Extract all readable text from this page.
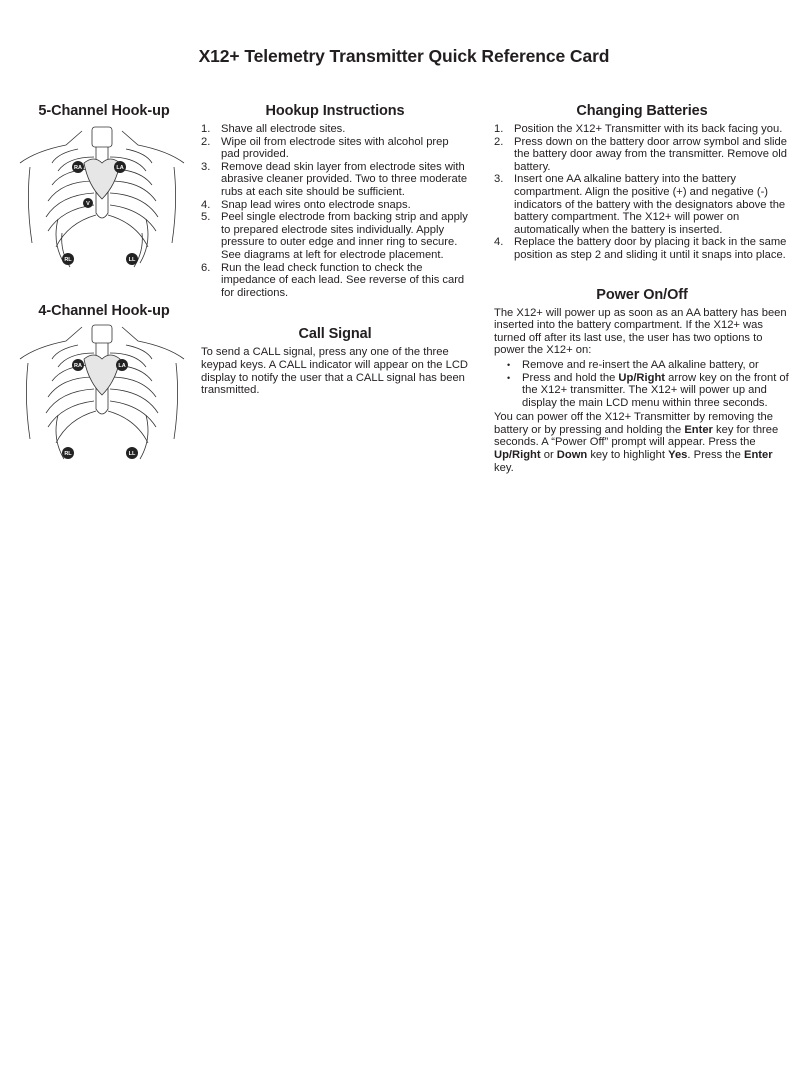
X12+ Telemetry Transmitter Quick Reference Card
5-Channel Hook-up
RA	LA
V
RL	LL
4-Channel Hook-up
RA	LA
RL	LL
Hookup Instructions
1. Shave all electrode sites.
2. Wipe oil from electrode sites with alcohol prep pad provided.
3. Remove dead skin layer from electrode sites with abrasive cleaner provided. Two to three moderate rubs at each site should be sufficient.
4. Snap lead wires onto electrode snaps.
5. Peel single electrode from backing strip and apply to prepared electrode sites individually. Apply pressure to outer edge and inner ring to secure. See diagrams at left for electrode placement.
6. Run the lead check function to check the impedance of each lead. See reverse of this card for directions.
Call Signal

To send a CALL signal, press any one of the three keypad keys. A CALL indicator will appear on the LCD display to notify the user that a CALL signal has been transmitted.

Changing Batteries
1. Position the X12+ Transmitter with its back facing you.
2. Press down on the battery door arrow symbol and slide the battery door away from the transmitter. Remove old battery.
3. Insert one AA alkaline battery into the battery compartment. Align the positive (+) and negative (-) indicators of the battery with the designators above the battery compartment. The X12+ will power on automatically when the battery is inserted.
4. Replace the battery door by placing it back in the same position as step 2 and sliding it until it snaps into place.
Power On/Off

The X12+ will power up as soon as an AA battery has been inserted into the battery compartment. If the X12+ was turned off after its last use, the user has two options to power the X12+ on:

• Remove and re-insert the AA alkaline battery, or
• Press and hold the Up/Right arrow key on the front of the X12+ transmitter. The X12+ will power up and display the main LCD menu within three seconds.

You can power off the X12+ Transmitter by removing the battery or by pressing and holding the Enter key for three seconds. A “Power Off” prompt will appear. Press the Up/Right or Down key to highlight Yes. Press the Enter key.
